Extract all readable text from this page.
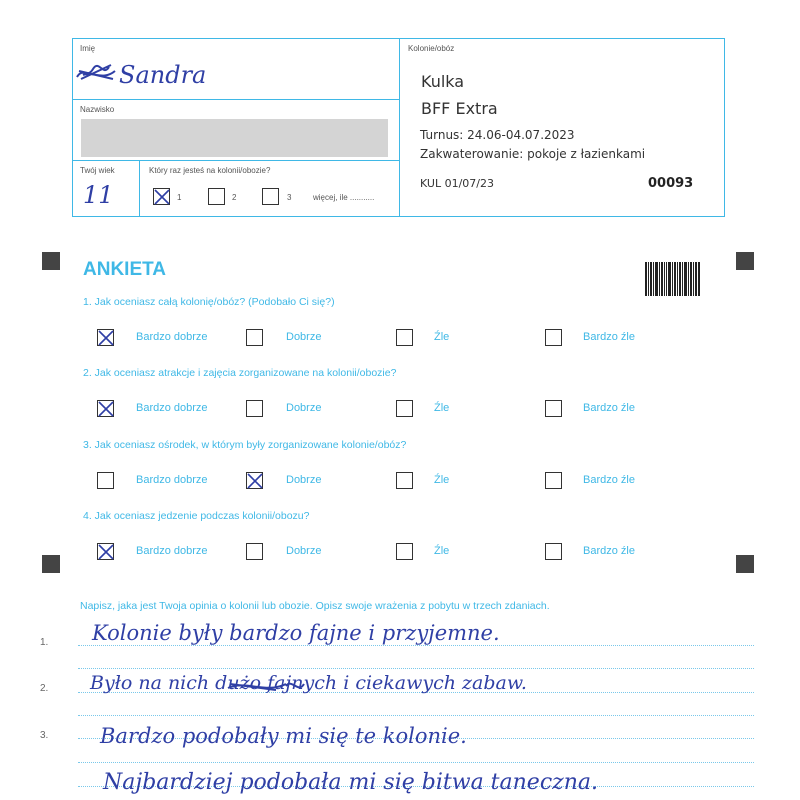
Imię
Sandra
Nazwisko
Twój wiek
11
Który raz jesteś na kolonii/obozie?
1	2	3	więcej, ile ...........
Kolonie/obóz
Kulka
BFF Extra
Turnus: 24.06-04.07.2023
Zakwaterowanie: pokoje z łazienkami
KUL 01/07/23	00093
ANKIETA
1. Jak oceniasz całą kolonię/obóz? (Podobało Ci się?)
Bardzo dobrze	Dobrze	Źle	Bardzo źle
2. Jak oceniasz atrakcje i zajęcia zorganizowane na kolonii/obozie?
Bardzo dobrze	Dobrze	Źle	Bardzo źle
3. Jak oceniasz ośrodek, w którym były zorganizowane kolonie/obóz?
Bardzo dobrze	Dobrze	Źle	Bardzo źle
4. Jak oceniasz jedzenie podczas kolonii/obozu?
Bardzo dobrze	Dobrze	Źle	Bardzo źle
Napisz, jaka jest Twoja opinia o kolonii lub obozie. Opisz swoje wrażenia z pobytu w trzech zdaniach.
1.
2.
3.
Kolonie były bardzo fajne i przyjemne.
Było na nich dużo fajnych i ciekawych zabaw.
Bardzo podobały mi się te kolonie.
Najbardziej podobała mi się bitwa taneczna.
